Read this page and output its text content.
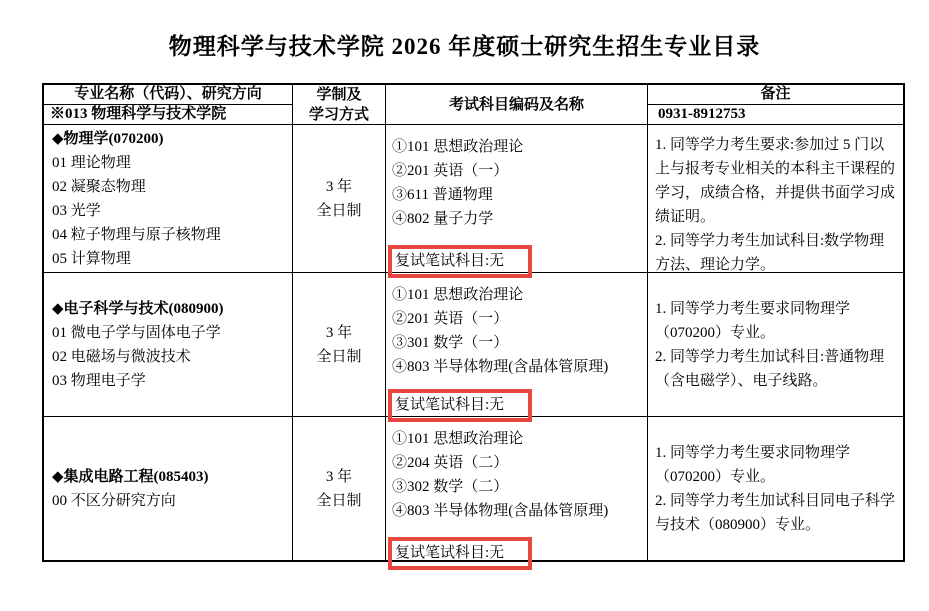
物理科学与技术学院 2026 年度硕士研究生招生专业目录
专业名称（代码）、研究方向
※013 物理科学与技术学院
学制及
学习方式
考试科目编码及名称
备注
0931-8912753
◆物理学(070200)
01 理论物理
02 凝聚态物理
03 光学
04 粒子物理与原子核物理
05 计算物理
3 年
全日制
①101 思想政治理论
②201 英语（一）
③611 普通物理
④802 量子力学
复试笔试科目:无
1. 同等学力考生要求:参加过 5 门以上与报考专业相关的本科主干课程的学习，成绩合格，并提供书面学习成绩证明。
2. 同等学力考生加试科目:数学物理方法、理论力学。
◆电子科学与技术(080900)
01 微电子学与固体电子学
02 电磁场与微波技术
03 物理电子学
3 年
全日制
①101 思想政治理论
②201 英语（一）
③301 数学（一）
④803 半导体物理(含晶体管原理)
复试笔试科目:无
1. 同等学力考生要求同物理学（070200）专业。
2. 同等学力考生加试科目:普通物理（含电磁学）、电子线路。
◆集成电路工程(085403)
00 不区分研究方向
3 年
全日制
①101 思想政治理论
②204 英语（二）
③302 数学（二）
④803 半导体物理(含晶体管原理)
复试笔试科目:无
1. 同等学力考生要求同物理学（070200）专业。
2. 同等学力考生加试科目同电子科学与技术（080900）专业。
